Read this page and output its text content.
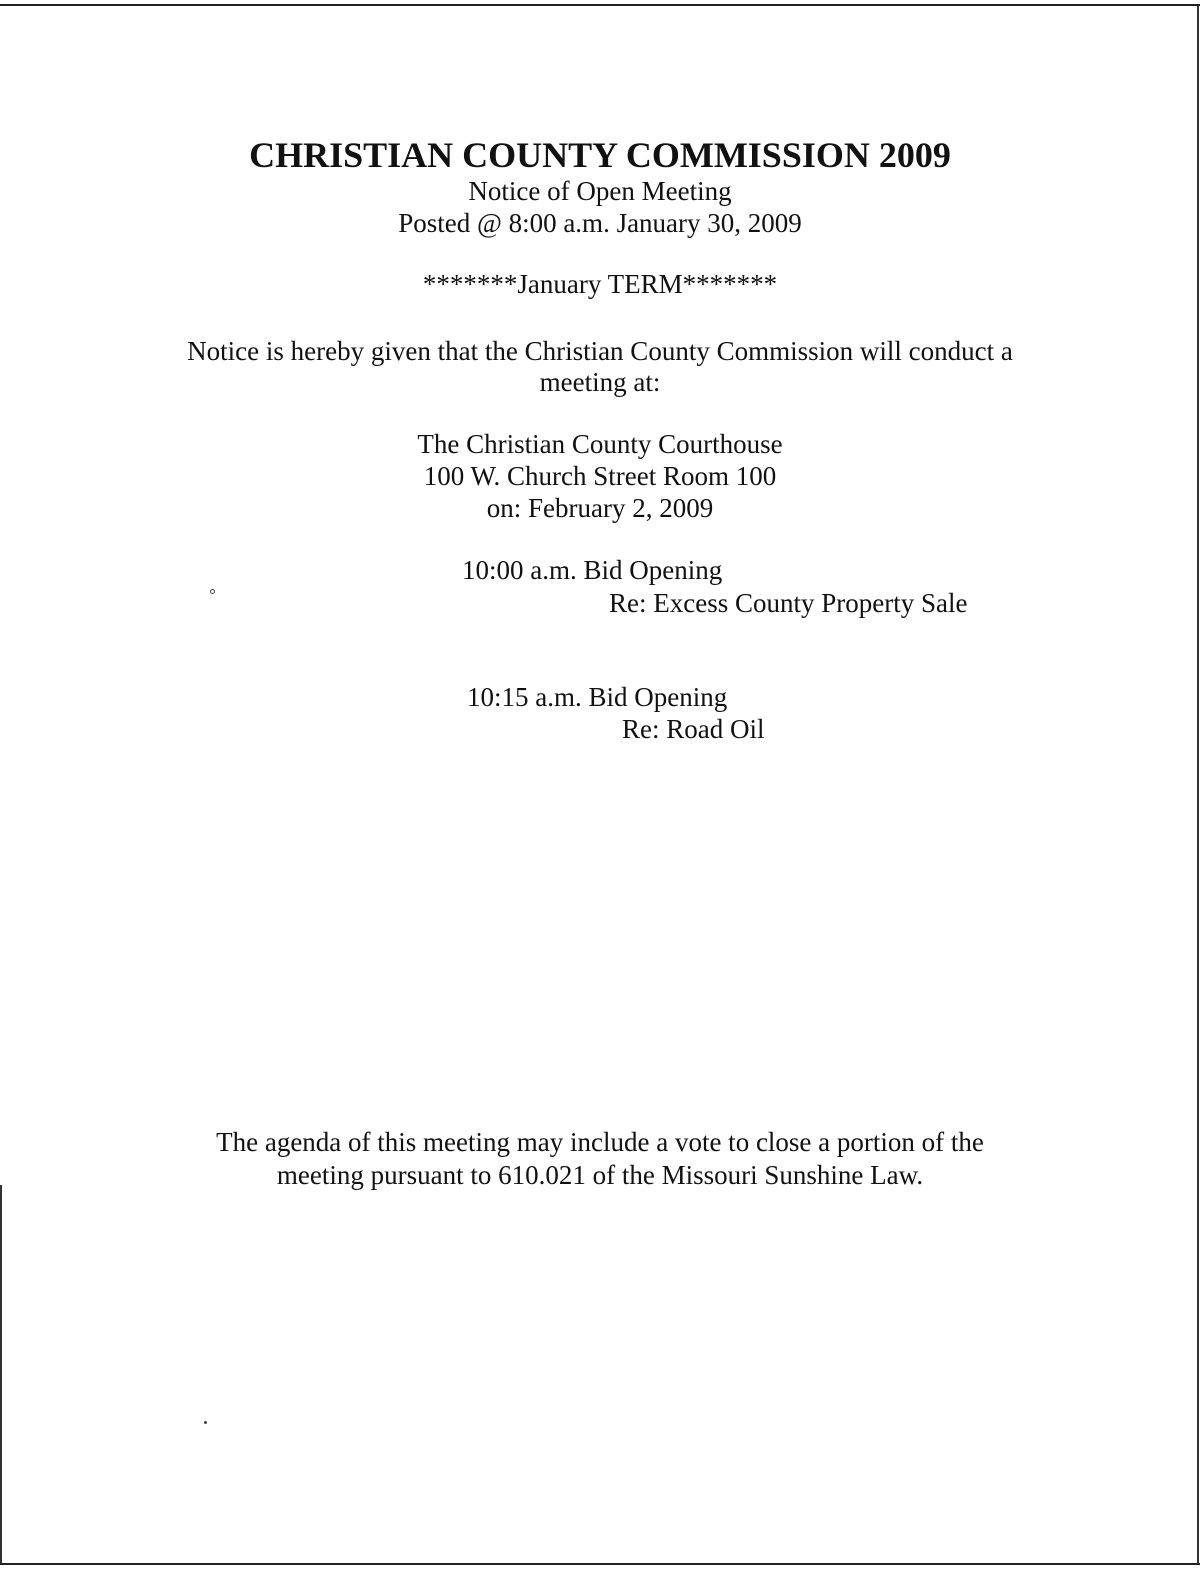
CHRISTIAN COUNTY COMMISSION 2009
Notice of Open Meeting
Posted @ 8:00 a.m. January 30, 2009
*******January TERM*******
Notice is hereby given that the Christian County Commission will conduct a
meeting at:
The Christian County Courthouse
100 W. Church Street Room 100
on: February 2, 2009
10:00 a.m. Bid Opening
Re: Excess County Property Sale
10:15 a.m. Bid Opening
Re: Road Oil
The agenda of this meeting may include a vote to close a portion of the
meeting pursuant to 610.021 of the Missouri Sunshine Law.
